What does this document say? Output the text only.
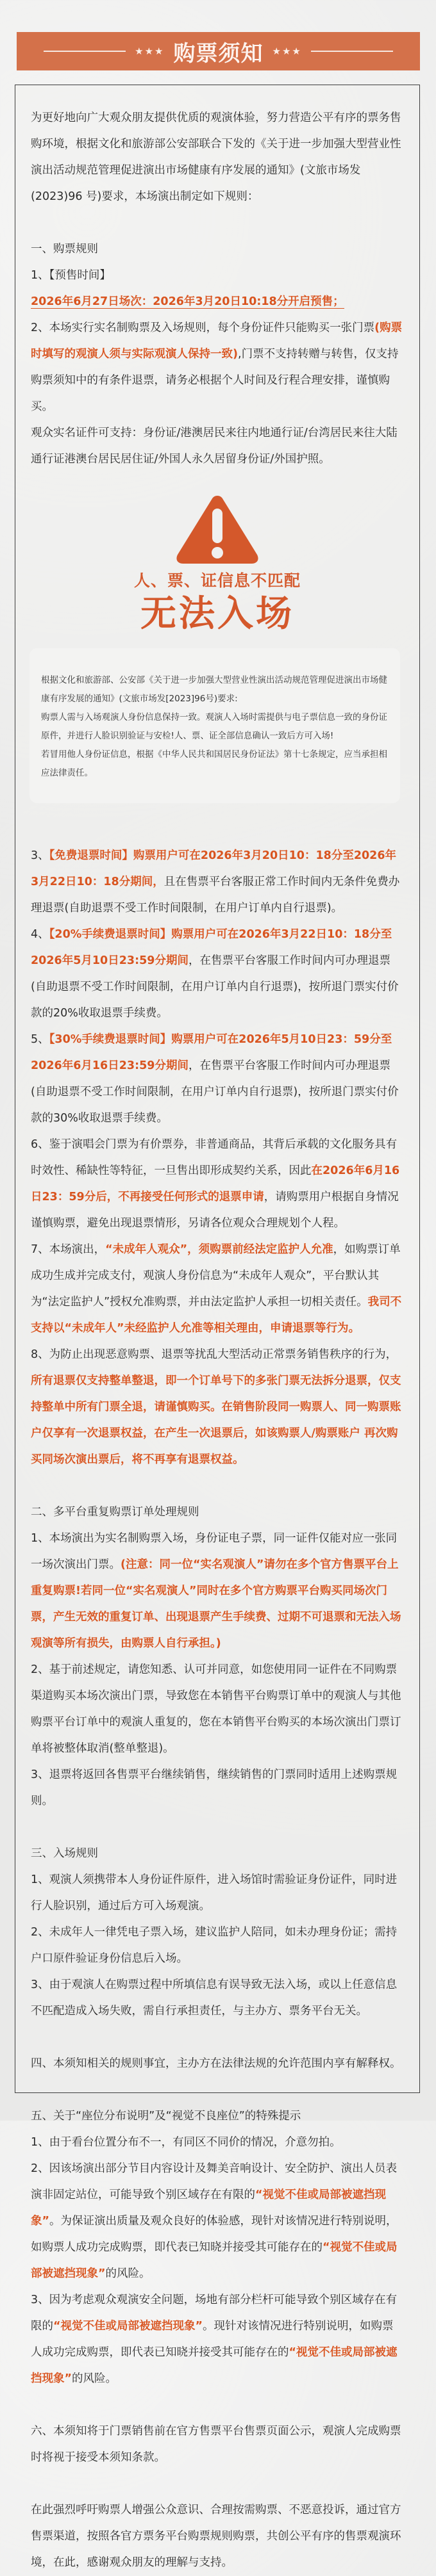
★★★ 购票须知 ★★★

为更好地向广大观众朋友提供优质的观演体验，努力营造公平有序的票务售购环境，根据文化和旅游部公安部联合下发的《关于进一步加强大型营业性演出活动规范管理促进演出市场健康有序发展的通知》(文旅市场发(2023)96 号)要求，本场演出制定如下规则：

一、购票规则

1、【预售时间】

2026年6月27日场次：2026年3月20日10:18分开启预售；

2、本场实行实名制购票及入场规则，每个身份证件只能购买一张门票(购票时填写的观演人须与实际观演人保持一致),门票不支持转赠与转售，仅支持购票须知中的有条件退票，请务必根据个人时间及行程合理安排，谨慎购买。

观众实名证件可支持：身份证/港澳居民来往内地通行证/台湾居民来往大陆通行证港澳台居民居住证/外国人永久居留身份证/外国护照。

人、票、证信息不匹配
无法入场

根据文化和旅游部、公安部《关于进一步加强大型营业性演出活动规范管理促进演出市场健康有序发展的通知》(文旅市场发[2023]96号)要求:

购票人需与入场观演人身份信息保持一致。观演人入场时需提供与电子票信息一致的身份证原件，并进行人脸识别验证与安检!人、票、证全部信息确认一致后方可入场!

若冒用他人身份证信息，根据《中华人民共和国居民身份证法》第十七条规定，应当承担相应法律责任。

3、【免费退票时间】购票用户可在2026年3月20日10：18分至2026年3月22日10：18分期间，且在售票平台客服正常工作时间内无条件免费办理退票(自助退票不受工作时间限制，在用户订单内自行退票)。

4、【20%手续费退票时间】购票用户可在2026年3月22日10：18分至2026年5月10日23:59分期间，在售票平台客服工作时间内可办理退票(自助退票不受工作时间限制，在用户订单内自行退票)，按所退门票实付价款的20%收取退票手续费。

5、【30%手续费退票时间】购票用户可在2026年5月10日23：59分至2026年6月16日23:59分期间，在售票平台客服工作时间内可办理退票(自助退票不受工作时间限制，在用户订单内自行退票)，按所退门票实付价款的30%收取退票手续费。

6、鉴于演唱会门票为有价票券，非普通商品，其背后承载的文化服务具有时效性、稀缺性等特征，一旦售出即形成契约关系，因此在2026年6月16日23：59分后，不再接受任何形式的退票申请，请购票用户根据自身情况谨慎购票，避免出现退票情形，另请各位观众合理规划个人程。

7、本场演出，“未成年人观众”，须购票前经法定监护人允准，如购票订单成功生成并完成支付，观演人身份信息为“未成年人观众”，平台默认其为“法定监护人”授权允准购票，并由法定监护人承担一切相关责任。我司不支持以“未成年人”未经监护人允准等相关理由，申请退票等行为。

8、为防止出现恶意购票、退票等扰乱大型活动正常票务销售秩序的行为，所有退票仅支持整单整退，即一个订单号下的多张门票无法拆分退票，仅支持整单中所有门票全退，请谨慎购买。在销售阶段同一购票人、同一购票账户仅享有一次退票权益，在产生一次退票后，如该购票人/购票账户 再次购买同场次演出票后，将不再享有退票权益。

二、多平台重复购票订单处理规则

1、本场演出为实名制购票入场，身份证电子票，同一证件仅能对应一张同一场次演出门票。(注意：同一位“实名观演人”请勿在多个官方售票平台上重复购票!若同一位“实名观演人”同时在多个官方购票平台购买同场次门票，产生无效的重复订单、出现退票产生手续费、过期不可退票和无法入场观演等所有损失，由购票人自行承担。)

2、基于前述规定，请您知悉、认可并同意，如您使用同一证件在不同购票渠道购买本场次演出门票，导致您在本销售平台购票订单中的观演人与其他购票平台订单中的观演人重复的，您在本销售平台购买的本场次演出门票订单将被整体取消(整单整退)。

3、退票将返回各售票平台继续销售，继续销售的门票同时适用上述购票规则。

三、入场规则

1、观演人须携带本人身份证件原件，进入场馆时需验证身份证件，同时进行人脸识别，通过后方可入场观演。

2、未成年人一律凭电子票入场，建议监护人陪同，如未办理身份证；需持户口原件验证身份信息后入场。

3、由于观演人在购票过程中所填信息有误导致无法入场，或以上任意信息不匹配造成入场失败，需自行承担责任，与主办方、票务平台无关。

四、本须知相关的规则事宜，主办方在法律法规的允许范围内享有解释权。

五、关于“座位分布说明”及“视觉不良座位”的特殊提示

1、由于看台位置分布不一，有同区不同价的情况，介意勿拍。

2、因该场演出部分节目内容设计及舞美音响设计、安全防护、演出人员表演非固定站位，可能导致个别区域存在有限的“视觉不佳或局部被遮挡现象”。为保证演出质量及观众良好的体验感，现针对该情况进行特别说明，如购票人成功完成购票，即代表已知晓并接受其可能存在的“视觉不佳或局部被遮挡现象”的风险。

3、因为考虑观众观演安全问题，场地有部分栏杆可能导致个别区域存在有限的“视觉不佳或局部被遮挡现象”。现针对该情况进行特别说明，如购票人成功完成购票，即代表已知晓并接受其可能存在的“视觉不佳或局部被遮挡现象”的风险。

六、本须知将于门票销售前在官方售票平台售票页面公示，观演人完成购票时将视于接受本须知条款。

在此强烈呼吁购票人增强公众意识、合理按需购票、不恶意投诉，通过官方售票渠道，按照各官方票务平台购票规则购票，共创公平有序的售票观演环境，在此，感谢观众朋友的理解与支持。
